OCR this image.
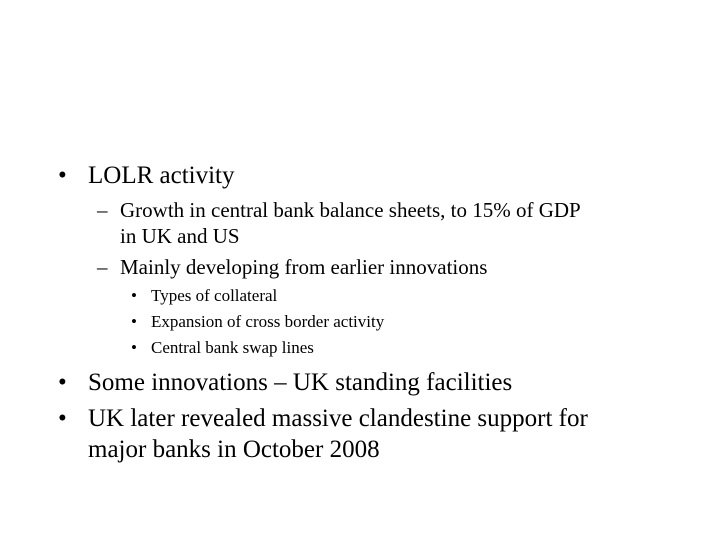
• LOLR activity
– Growth in central bank balance sheets, to 15% of GDP
in UK and US
– Mainly developing from earlier innovations
• Types of collateral
• Expansion of cross border activity
• Central bank swap lines
• Some innovations – UK standing facilities
• UK later revealed massive clandestine support for
major banks in October 2008
